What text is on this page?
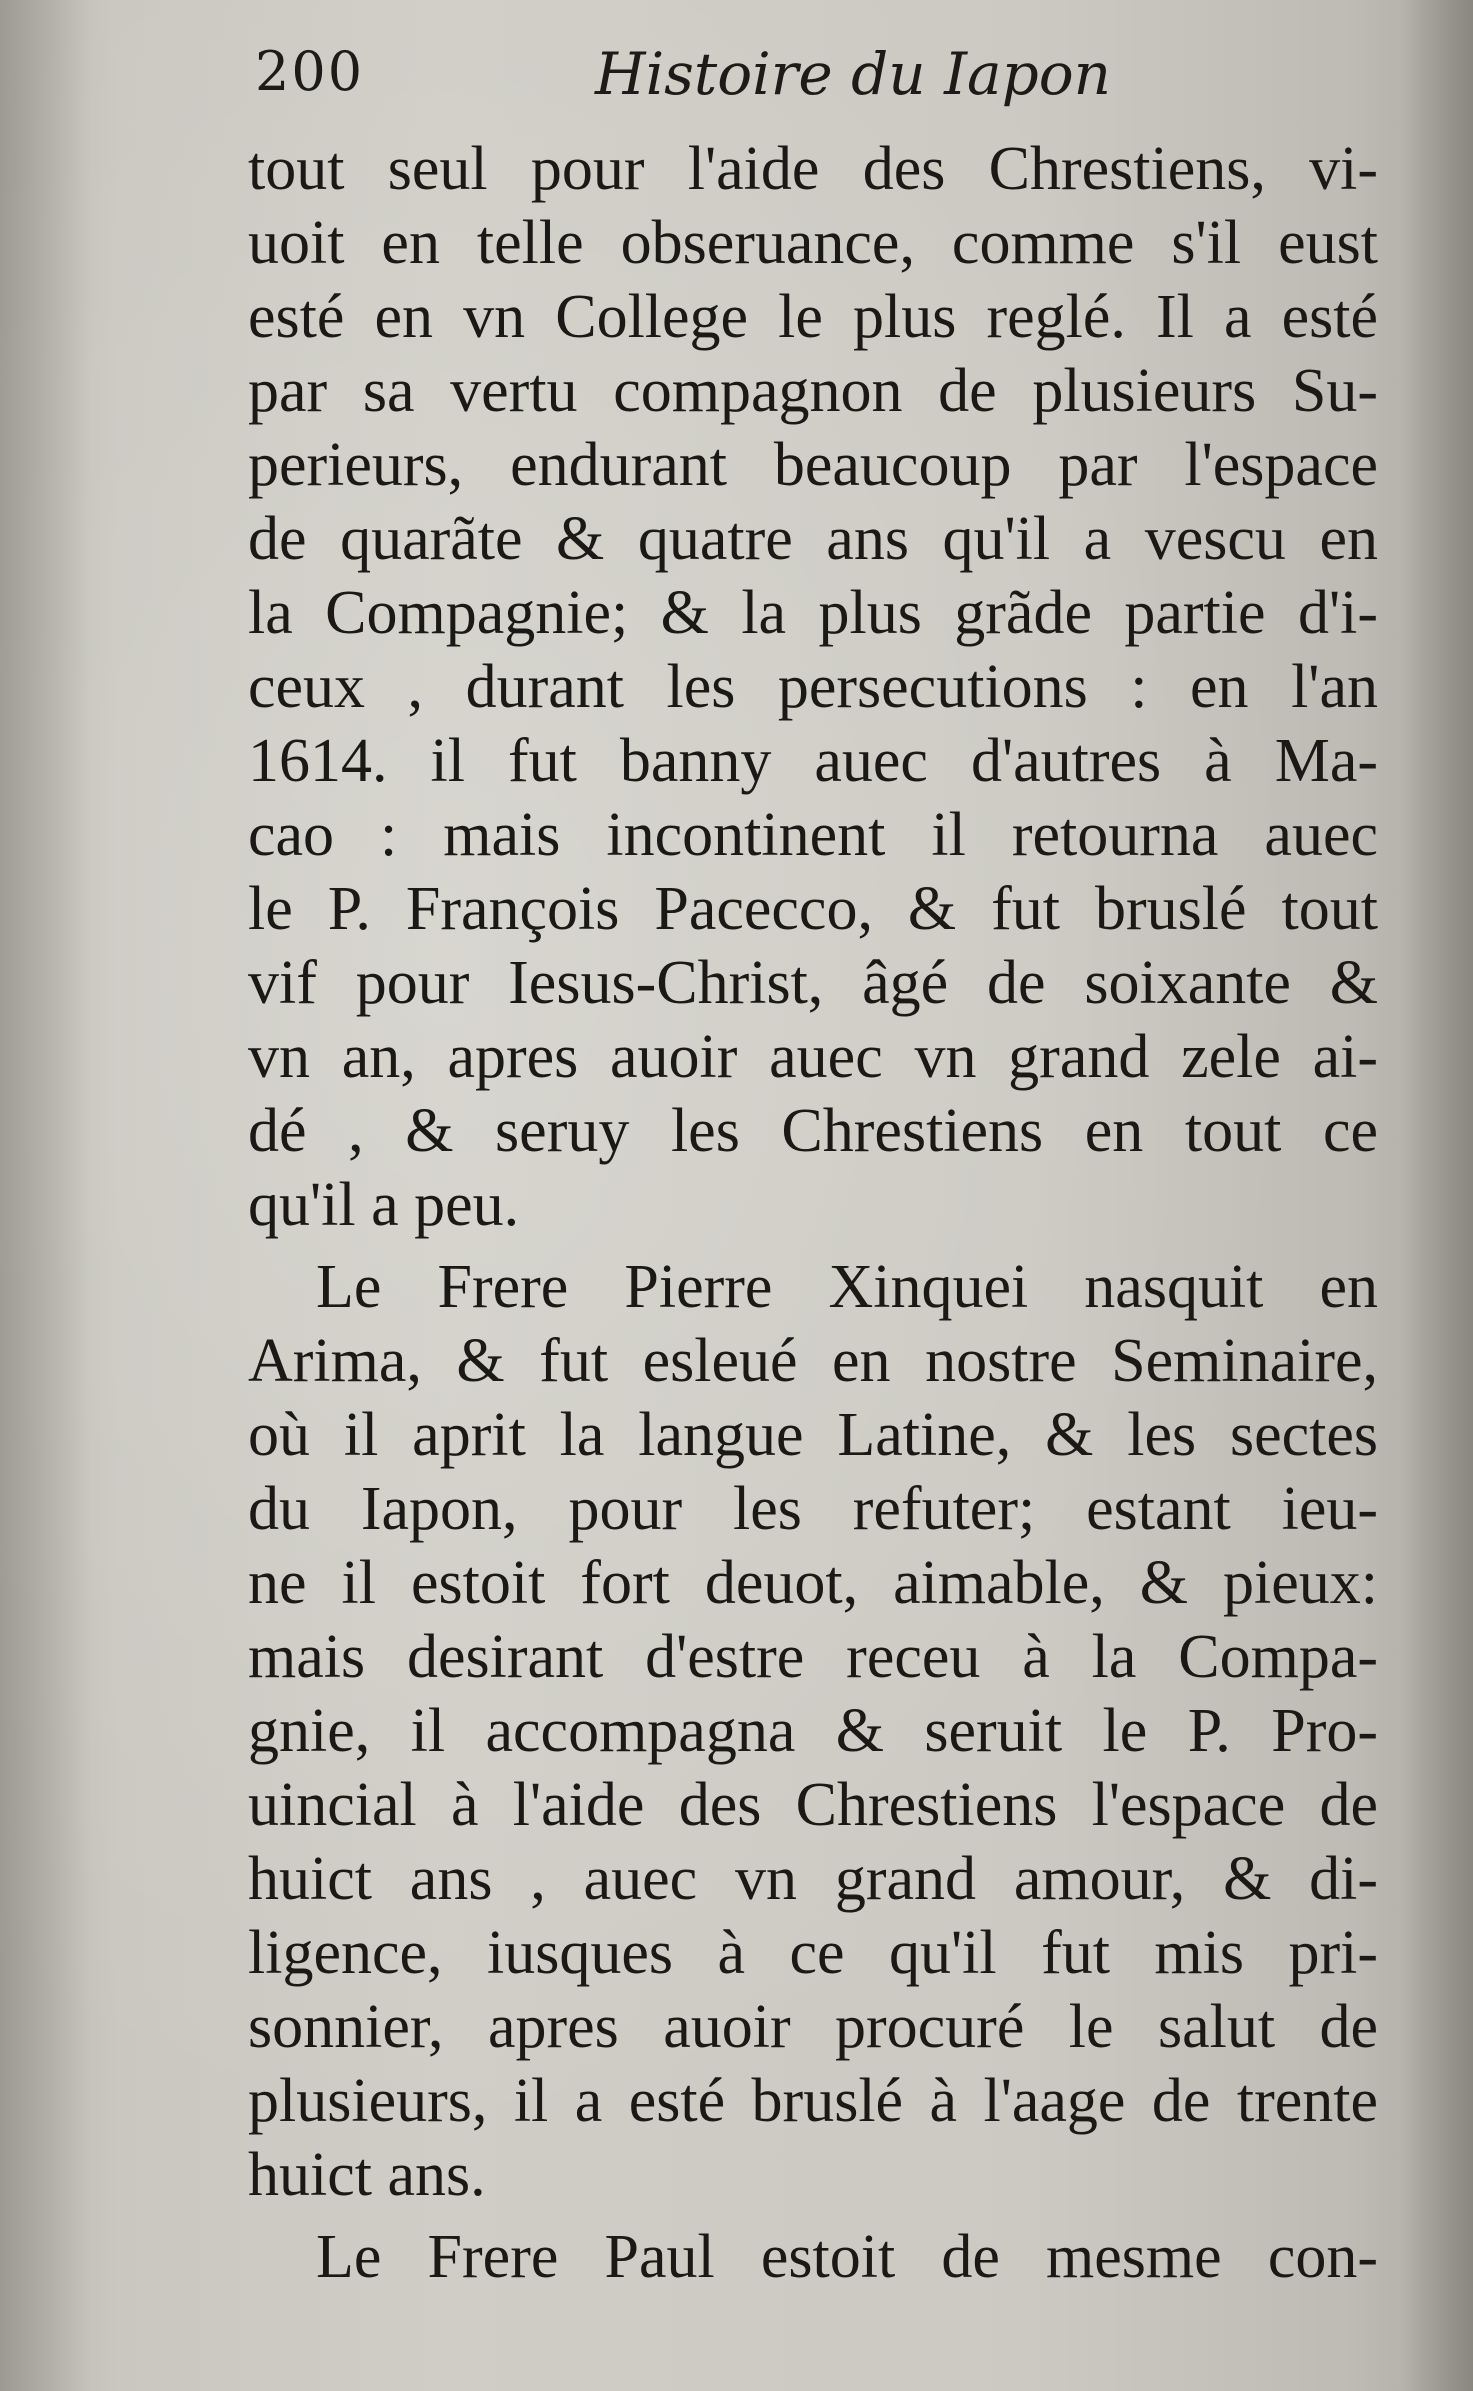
200	Histoire du Iapon
tout seul pour l'aide des Chrestiens, vi-
uoit en telle obseruance, comme s'il eust
esté en vn College le plus reglé. Il a esté
par sa vertu compagnon de plusieurs Su-
perieurs, endurant beaucoup par l'espace
de quarãte & quatre ans qu'il a vescu en
la Compagnie; & la plus grãde partie d'i-
ceux , durant les persecutions : en l'an
1614. il fut banny auec d'autres à Ma-
cao : mais incontinent il retourna auec
le P. François Pacecco, & fut bruslé tout
vif pour Iesus-Christ, âgé de soixante &
vn an, apres auoir auec vn grand zele ai-
dé , & seruy les Chrestiens en tout ce
qu'il a peu.
Le Frere Pierre Xinquei nasquit en
Arima, & fut esleué en nostre Seminaire,
où il aprit la langue Latine, & les sectes
du Iapon, pour les refuter; estant ieu-
ne il estoit fort deuot, aimable, & pieux:
mais desirant d'estre receu à la Compa-
gnie, il accompagna & seruit le P. Pro-
uincial à l'aide des Chrestiens l'espace de
huict ans , auec vn grand amour, & di-
ligence, iusques à ce qu'il fut mis pri-
sonnier, apres auoir procuré le salut de
plusieurs, il a esté bruslé à l'aage de trente
huict ans.
Le Frere Paul estoit de mesme con-
